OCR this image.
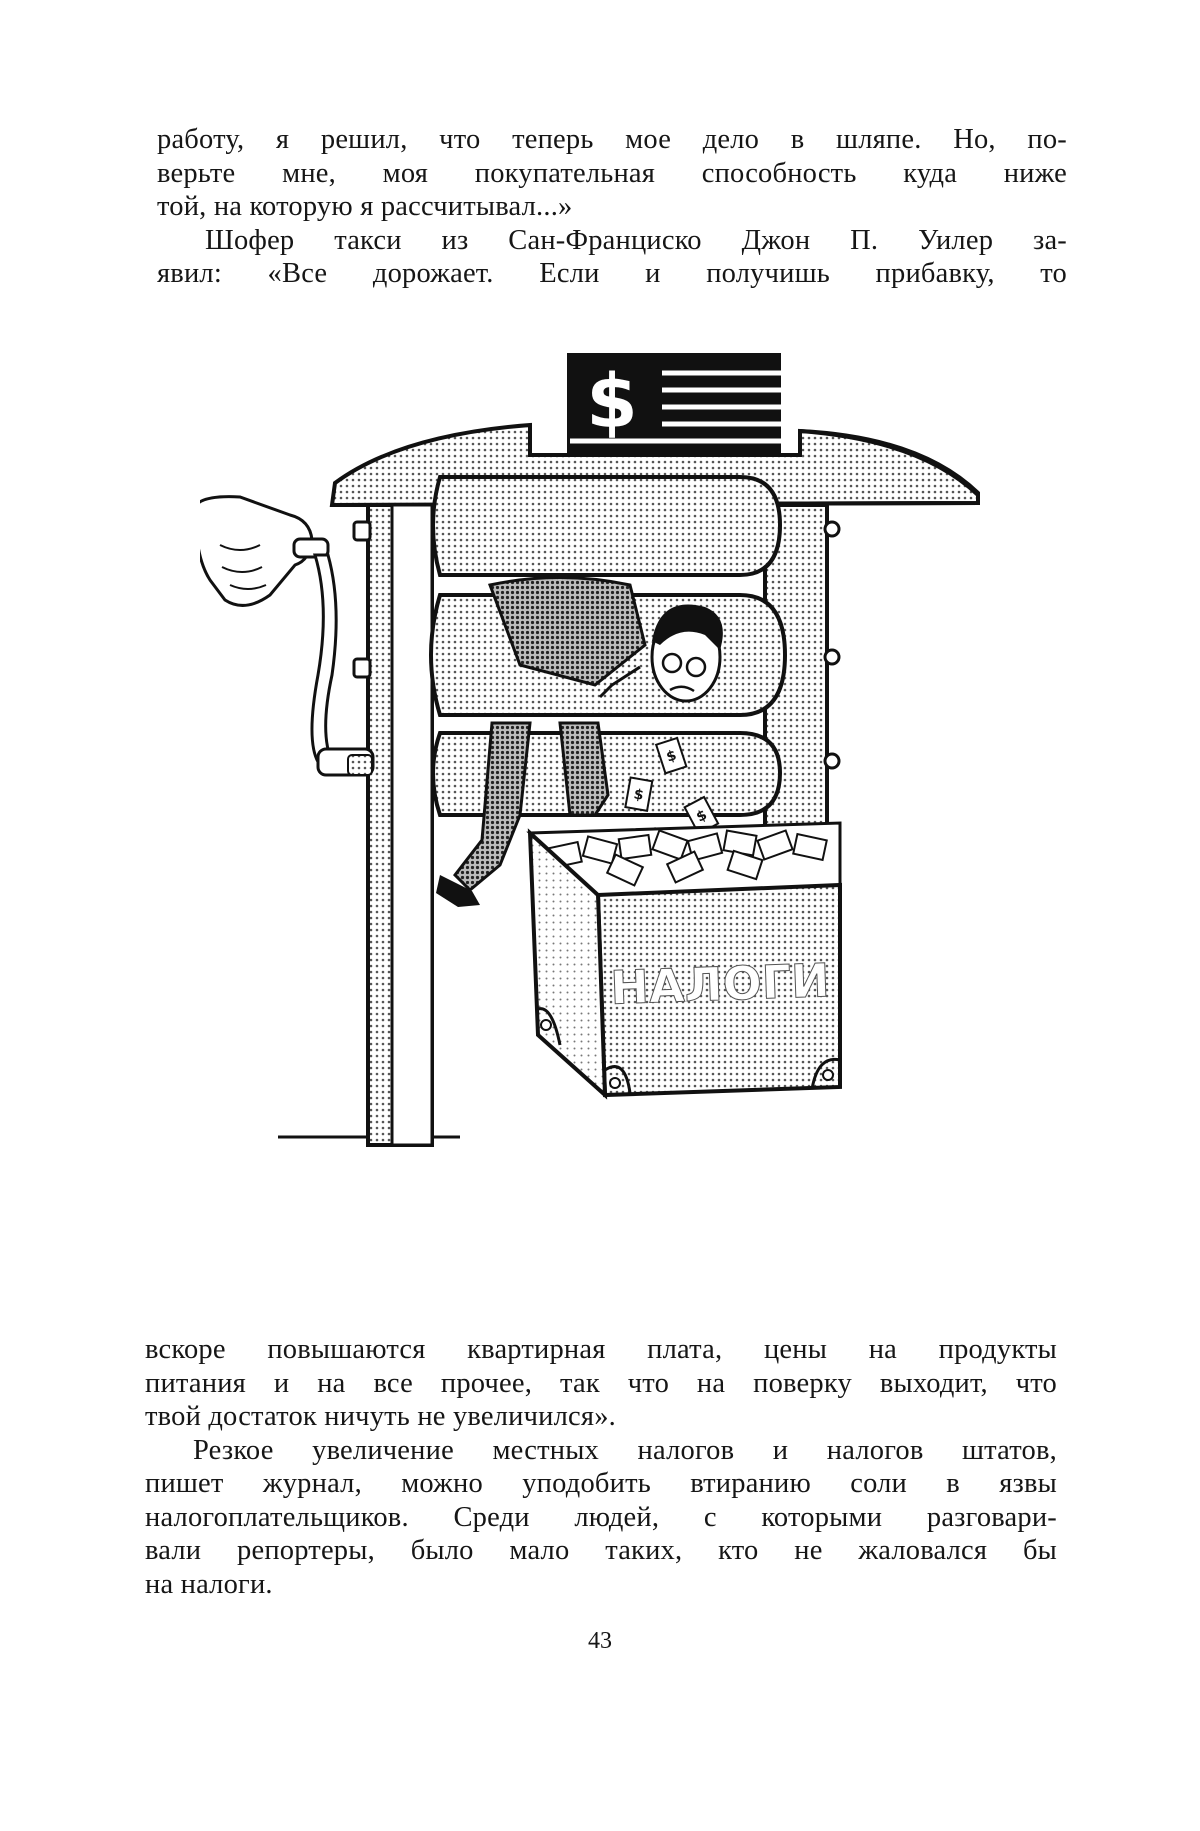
работу, я решил, что теперь мое дело в шляпе. Но, по-
верьте мне, моя покупательная способность куда ниже
той, на которую я рассчитывал...»
Шофер такси из Сан-Франциско Джон П. Уилер за-
явил: «Все дорожает. Если и получишь прибавку, то
$
$
$
$
НАЛОГИ
вскоре повышаются квартирная плата, цены на продукты
питания и на все прочее, так что на поверку выходит, что
твой достаток ничуть не увеличился».
Резкое увеличение местных налогов и налогов штатов,
пишет журнал, можно уподобить втиранию соли в язвы
налогоплательщиков. Среди людей, с которыми разговари-
вали репортеры, было мало таких, кто не жаловался бы
на налоги.
43
